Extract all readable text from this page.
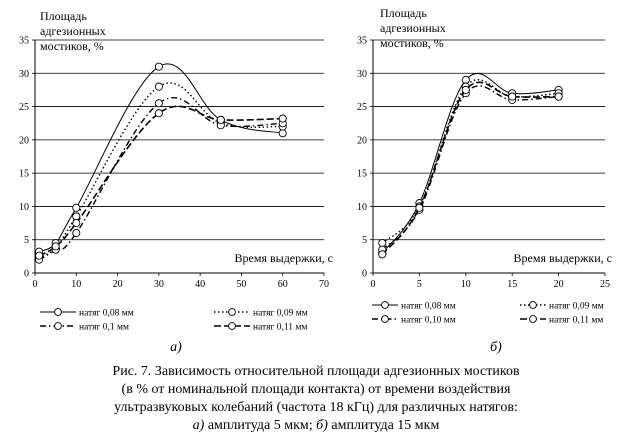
0
5
10
15
20
25
30
35
0	10	20	30	40	50	60	70
Площадь
адгезионных
мостиков, %
Время выдержки, с
натяг 0,08 мм	натяг 0,09 мм
натяг 0,1 мм	натяг 0,11 мм
а)
0
5
10
15
20
25
30
35
0	5	10	15	20	25
Площадь
адгезионных
мостиков, %
Время выдержки, с
натяг 0,08 мм	натяг 0,09 мм
натяг 0,10 мм	натяг 0,11 мм
б)

Рис. 7. Зависимость относительной площади адгезионных мостиков

(в % от номинальной площади контакта) от времени воздействия

ультразвуковых колебаний (частота 18 кГц) для различных натягов:

а) амплитуда 5 мкм; б) амплитуда 15 мкм
